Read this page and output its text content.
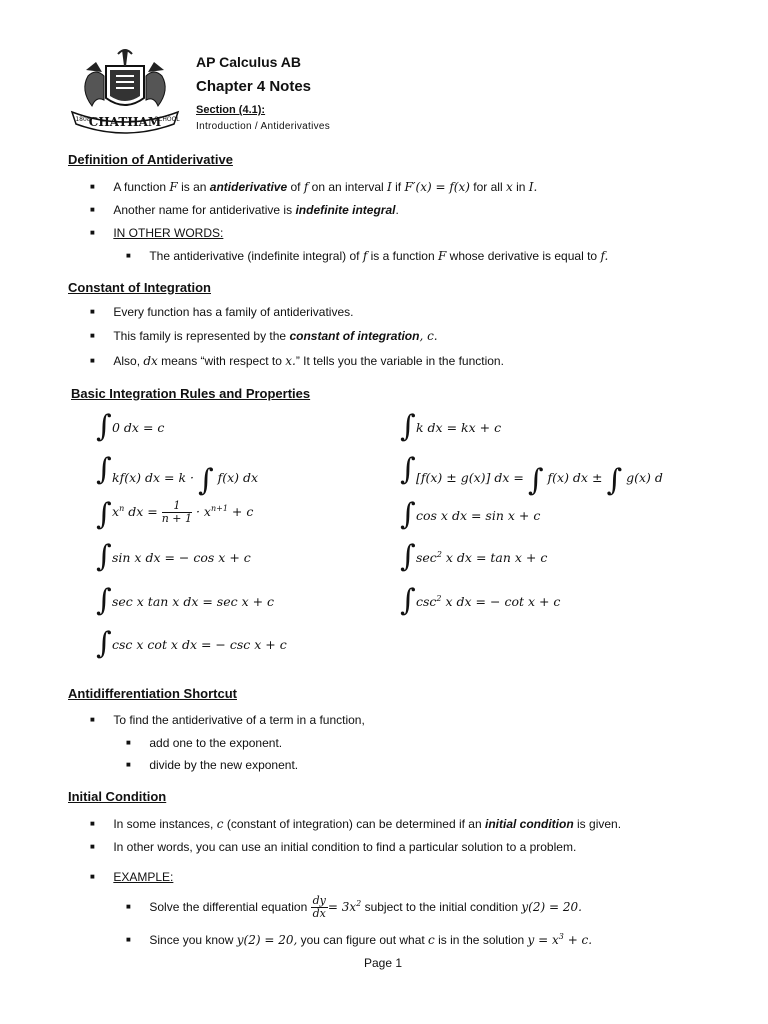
CHATHAM
1808	SCHOOL
AP Calculus AB
Chapter 4 Notes
Section (4.1):
Introduction / Antiderivatives
Definition of Antiderivative
■ A function F is an antiderivative of f on an interval I if F′(x) = f(x) for all x in I.
■ Another name for antiderivative is indefinite integral.
■ IN OTHER WORDS:
■ The antiderivative (indefinite integral) of f is a function F whose derivative is equal to f.
Constant of Integration
■ Every function has a family of antiderivatives.
■ This family is represented by the constant of integration, c.
■ Also, dx means “with respect to x.” It tells you the variable in the function.
Basic Integration Rules and Properties
∫ 0 dx = c	∫ k dx = kx + c
∫ kf(x) dx = k · ∫ f(x) dx	∫ [f(x) ± g(x)] dx = ∫ f(x) dx ± ∫ g(x) d
∫ $x^n$ dx = $\frac{1}{n + 1} \cdot x^{n+1} + c$	∫ cos x dx = sin x + c
∫ sin x dx = − cos x + c	∫ $\sec^2 x$ dx = tan x + c
∫ sec x tan x dx = sec x + c	∫ $\csc^2 x$ dx = − cot x + c
∫ csc x cot x dx = − csc x + c
Antidifferentiation Shortcut
■ To find the antiderivative of a term in a function,
■ add one to the exponent.
■ divide by the new exponent.
Initial Condition
■ In some instances, c (constant of integration) can be determined if an initial condition is given.
■ In other words, you can use an initial condition to find a particular solution to a problem.
■ EXAMPLE:
■ Solve the differential equation $\frac{dy}{dx} = 3x^2$ subject to the initial condition y(2) = 20.
■ Since you know y(2) = 20, you can figure out what c is in the solution $y = x^3 + c$.
Page 1
